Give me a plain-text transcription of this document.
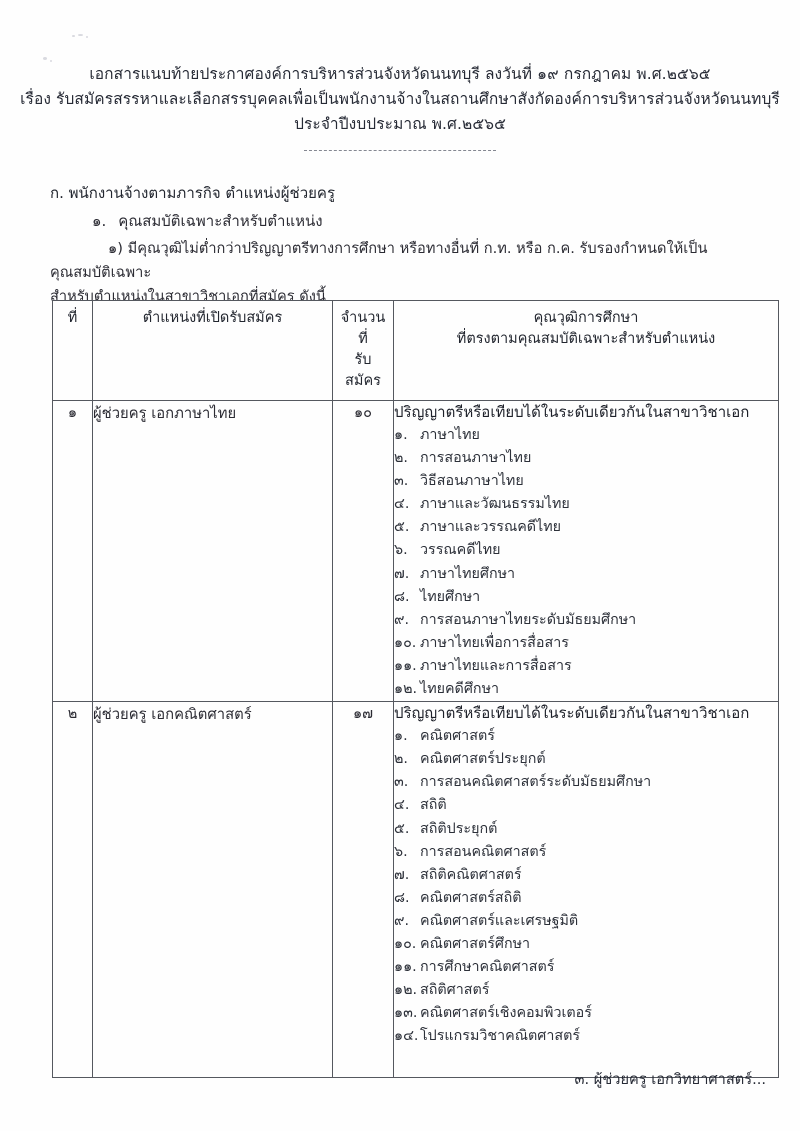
เอกสารแนบท้ายประกาศองค์การบริหารส่วนจังหวัดนนทบุรี ลงวันที่ ๑๙ กรกฎาคม พ.ศ.๒๕๖๕
เรื่อง รับสมัครสรรหาและเลือกสรรบุคคลเพื่อเป็นพนักงานจ้างในสถานศึกษาสังกัดองค์การบริหารส่วนจังหวัดนนทบุรี
ประจำปีงบประมาณ พ.ศ.๒๕๖๕
ก. พนักงานจ้างตามภารกิจ ตำแหน่งผู้ช่วยครู
๑. คุณสมบัติเฉพาะสำหรับตำแหน่ง
๑) มีคุณวุฒิไม่ต่ำกว่าปริญญาตรีทางการศึกษา หรือทางอื่นที่ ก.ท. หรือ ก.ค. รับรองกำหนดให้เป็นคุณสมบัติเฉพาะ
สำหรับตำแหน่งในสาขาวิชาเอกที่สมัคร ดังนี้
ที่	ตำแหน่งที่เปิดรับสมัคร	จำนวนที่
รับสมัคร	คุณวุฒิการศึกษา
ที่ตรงตามคุณสมบัติเฉพาะสำหรับตำแหน่ง

๑	ผู้ช่วยครู เอกภาษาไทย	๑๐	ปริญญาตรีหรือเทียบได้ในระดับเดียวกันในสาขาวิชาเอก
๑. ภาษาไทย
๒. การสอนภาษาไทย
๓. วิธีสอนภาษาไทย
๔. ภาษาและวัฒนธรรมไทย
๕. ภาษาและวรรณคดีไทย
๖. วรรณคดีไทย
๗. ภาษาไทยศึกษา
๘. ไทยศึกษา
๙. การสอนภาษาไทยระดับมัธยมศึกษา
๑๐. ภาษาไทยเพื่อการสื่อสาร
๑๑. ภาษาไทยและการสื่อสาร
๑๒. ไทยคดีศึกษา

๒	ผู้ช่วยครู เอกคณิตศาสตร์	๑๗	ปริญญาตรีหรือเทียบได้ในระดับเดียวกันในสาขาวิชาเอก
๑. คณิตศาสตร์
๒. คณิตศาสตร์ประยุกต์
๓. การสอนคณิตศาสตร์ระดับมัธยมศึกษา
๔. สถิติ
๕. สถิติประยุกต์
๖. การสอนคณิตศาสตร์
๗. สถิติคณิตศาสตร์
๘. คณิตศาสตร์สถิติ
๙. คณิตศาสตร์และเศรษฐมิติ
๑๐. คณิตศาสตร์ศึกษา
๑๑. การศึกษาคณิตศาสตร์
๑๒. สถิติศาสตร์
๑๓. คณิตศาสตร์เชิงคอมพิวเตอร์
๑๔. โปรแกรมวิชาคณิตศาสตร์
๓. ผู้ช่วยครู เอกวิทยาศาสตร์...
